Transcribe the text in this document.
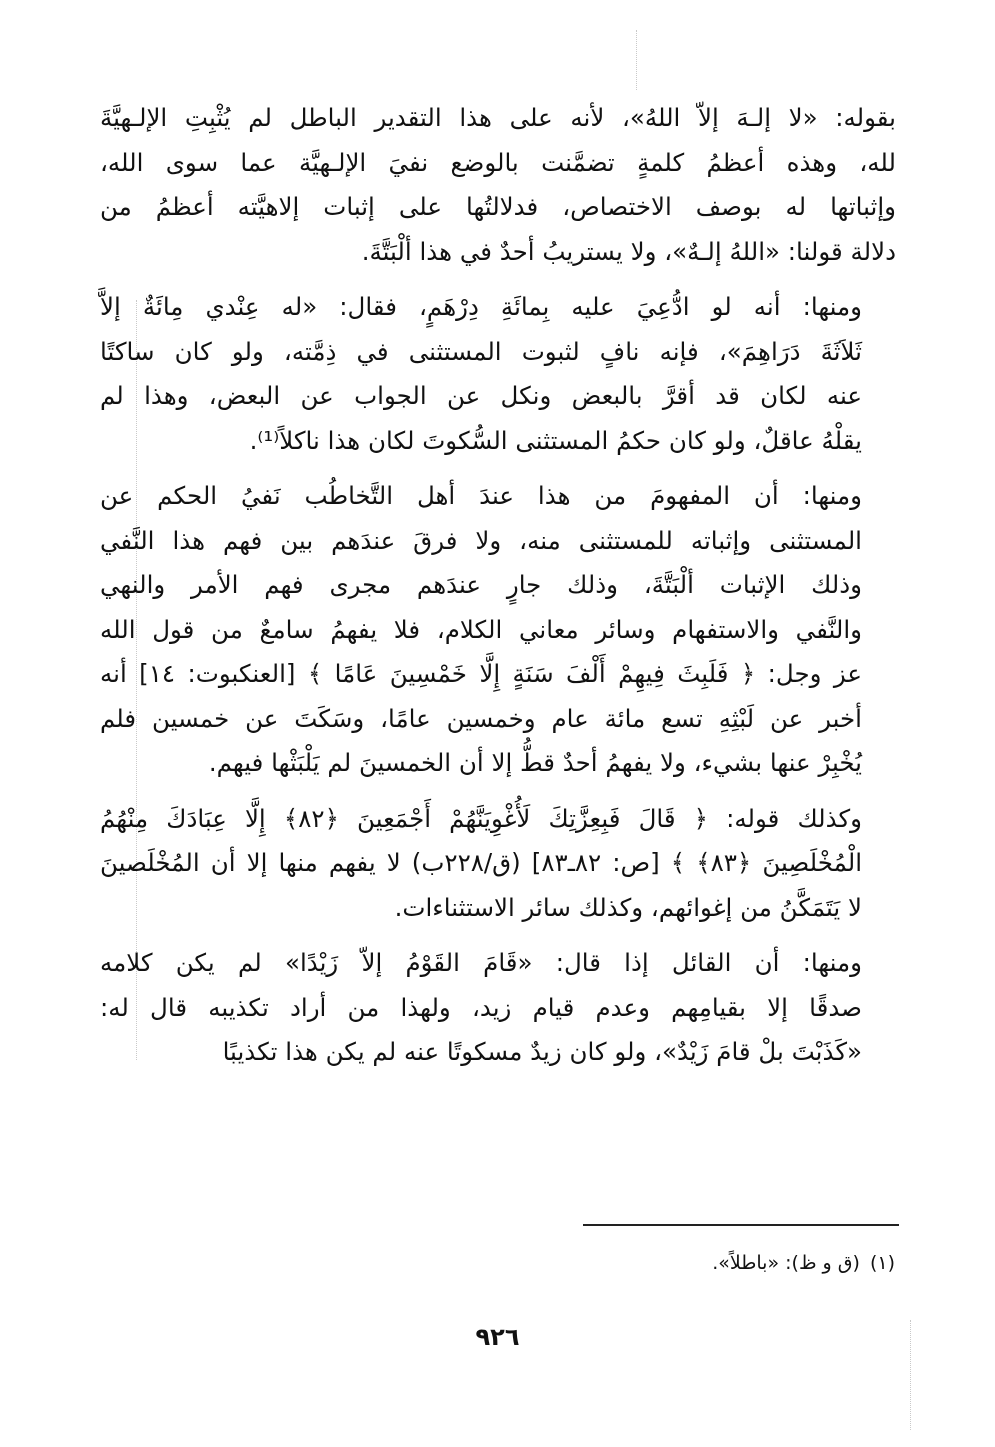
بقوله: «لا إلـهَ إلاّ اللهُ»، لأنه على هذا التقدير الباطل لم يُثْبِتِ الإلـهيَّةَ
لله، وهذه أعظمُ كلمةٍ تضمَّنت بالوضع نفيَ الإلـهيَّة عما سوى الله،
وإثباتها له بوصف الاختصاص، فدلالتُها على إثبات إلاهيَّته أعظمُ من
دلالة قولنا: «اللهُ إلـهٌ»، ولا يستريبُ أحدٌ في هذا ألْبَتَّةَ.
ومنها: أنه لو ادُّعِيَ عليه بِمائَةِ دِرْهَمٍ، فقال: «له عِنْدي مِائَةٌ إلاَّ
ثَلاَثَةَ دَرَاهِمَ»، فإنه نافٍ لثبوت المستثنى في ذِمَّته، ولو كان ساكتًا
عنه لكان قد أقرَّ بالبعض ونكل عن الجواب عن البعض، وهذا لم
يقلْهُ عاقلٌ، ولو كان حكمُ المستثنى السُّكوتَ لكان هذا ناكلاً⁽¹⁾.
ومنها: أن المفهومَ من هذا عندَ أهل التَّخاطُب نَفيُ الحكم عن
المستثنى وإثباته للمستثنى منه، ولا فرقَ عندَهم بين فهم هذا النَّفي
وذلك الإثبات ألْبَتَّةَ، وذلك جارٍ عندَهم مجرى فهم الأمر والنهي
والنَّفي والاستفهام وسائر معاني الكلام، فلا يفهمُ سامعٌ من قول الله
عز وجل: ﴿ فَلَبِثَ فِيهِمْ أَلْفَ سَنَةٍ إِلَّا خَمْسِينَ عَامًا ﴾ [العنكبوت: ١٤] أنه
أخبر عن لَبْثِهِ تسع مائة عام وخمسين عامًا، وسَكَتَ عن خمسين فلم
يُخْبِرْ عنها بشيء، ولا يفهمُ أحدٌ قطُّ إلا أن الخمسينَ لم يَلْبَثْها فيهم.
وكذلك قوله: ﴿ قَالَ فَبِعِزَّتِكَ لَأُغْوِيَنَّهُمْ أَجْمَعِينَ ﴿٨٢﴾ إِلَّا عِبَادَكَ مِنْهُمُ
الْمُخْلَصِينَ ﴿٨٣﴾ ﴾ [ص: ٨٢ـ٨٣] (ق/٢٢٨ب) لا يفهم منها إلا أن المُخْلَصينَ
لا يَتَمَكَّنُ من إغوائهم، وكذلك سائر الاستثناءات.
ومنها: أن القائل إذا قال: «قَامَ القَوْمُ إلاّ زَيْدًا» لم يكن كلامه
صدقًا إلا بقيامِهم وعدم قيام زيد، ولهذا من أراد تكذيبه قال له:
«كَذَبْتَ بلْ قامَ زَيْدٌ»، ولو كان زيدٌ مسكوتًا عنه لم يكن هذا تكذيبًا
(١)(ق و ظ): «باطلاً».
٩٢٦
